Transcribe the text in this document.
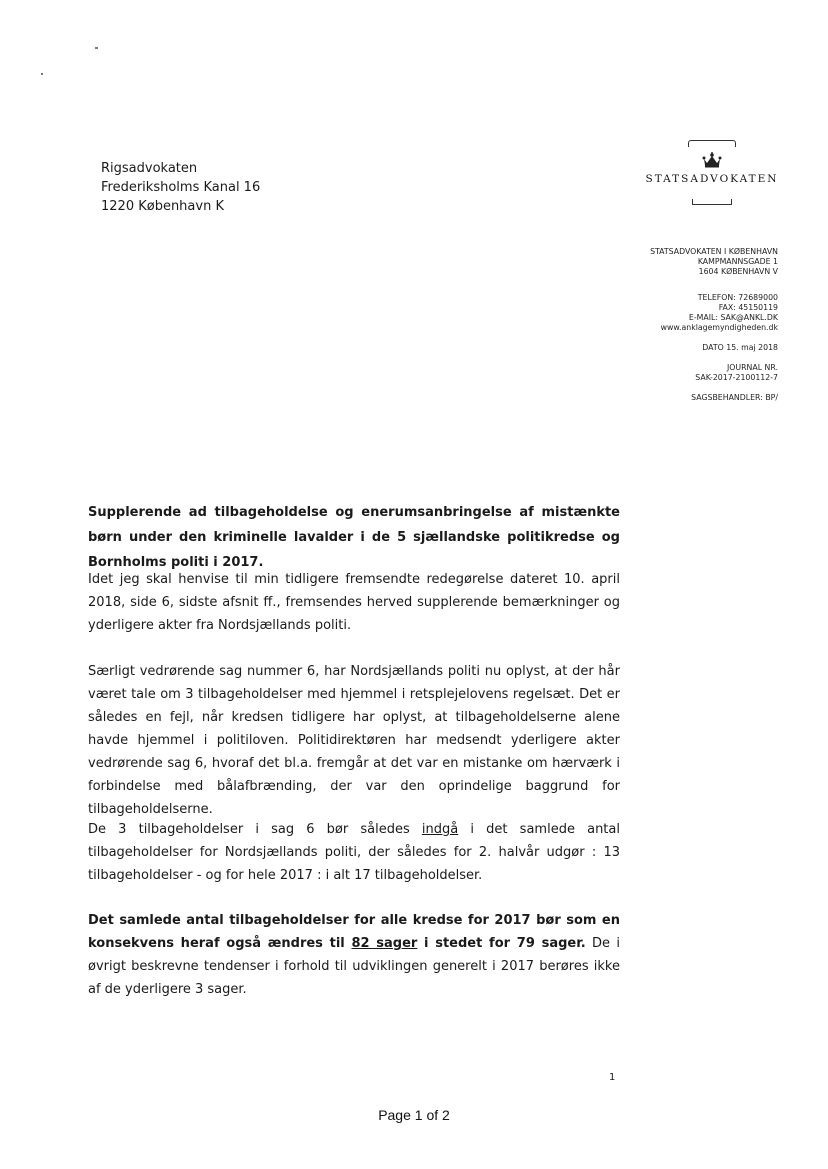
Rigsadvokaten
Frederiksholms Kanal 16
1220 København K
STATSADVOKATEN
STATSADVOKATEN I KØBENHAVN
KAMPMANNSGADE 1
1604 KØBENHAVN V
TELEFON: 72689000
FAX: 45150119
E-MAIL: SAK@ANKL.DK
www.anklagemyndigheden.dk
DATO 15. maj 2018
JOURNAL NR.
SAK-2017-2100112-7
SAGSBEHANDLER: BP/
Supplerende ad tilbageholdelse og enerumsanbringelse af mistænkte børn under den kriminelle lavalder i de 5 sjællandske politikredse og Bornholms politi i 2017.

Idet jeg skal henvise til min tidligere fremsendte redegørelse dateret 10. april 2018, side 6, sidste afsnit ff., fremsendes herved supplerende bemærkninger og yderligere akter fra Nordsjællands politi.

Særligt vedrørende sag nummer 6, har Nordsjællands politi nu oplyst, at der hår været tale om 3 tilbageholdelser med hjemmel i retsplejelovens regelsæt. Det er således en fejl, når kredsen tidligere har oplyst, at tilbageholdelserne alene havde hjemmel i politiloven. Politidirektøren har medsendt yderligere akter vedrørende sag 6, hvoraf det bl.a. fremgår at det var en mistanke om hærværk i forbindelse med bålafbrænding, der var den oprindelige baggrund for tilbageholdelserne.

De 3 tilbageholdelser i sag 6 bør således indgå i det samlede antal tilbageholdelser for Nordsjællands politi, der således for 2. halvår udgør : 13 tilbageholdelser - og for hele 2017 : i alt 17 tilbageholdelser.

Det samlede antal tilbageholdelser for alle kredse for 2017 bør som en konsekvens heraf også ændres til 82 sager i stedet for 79 sager. De i øvrigt beskrevne tendenser i forhold til udviklingen generelt i 2017 berøres ikke af de yderligere 3 sager.

1
Page 1 of 2
